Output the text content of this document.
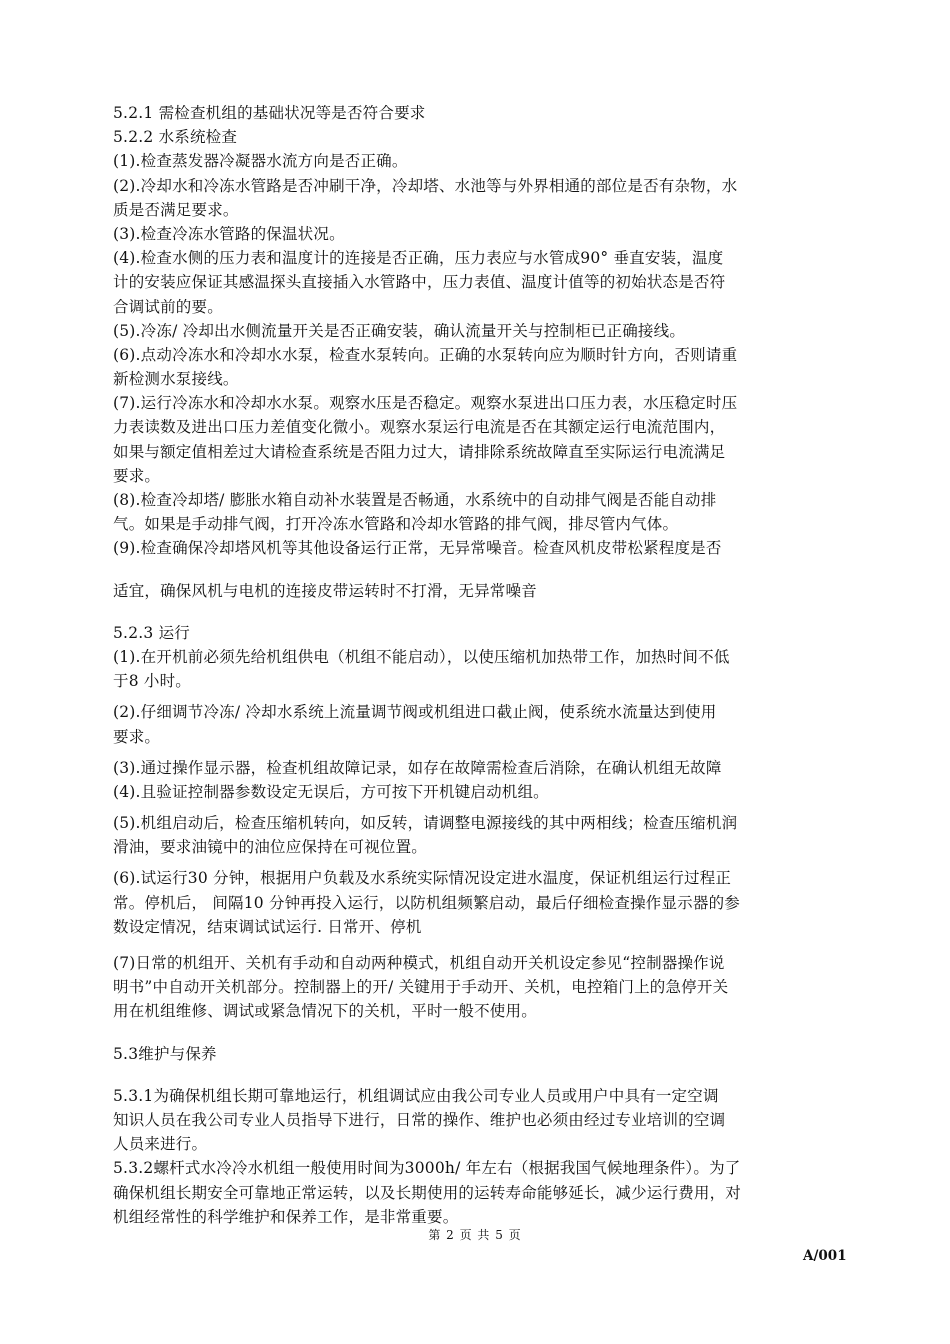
5.2.1 需检查机组的基础状况等是否符合要求
5.2.2 水系统检查
(1).检查蒸发器冷凝器水流方向是否正确。
(2).冷却水和冷冻水管路是否冲刷干净，冷却塔、水池等与外界相通的部位是否有杂物，水
质是否满足要求。
(3).检查冷冻水管路的保温状况。
(4).检查水侧的压力表和温度计的连接是否正确，压力表应与水管成90° 垂直安装，温度
计的安装应保证其感温探头直接插入水管路中，压力表值、温度计值等的初始状态是否符
合调试前的要。
(5).冷冻/ 冷却出水侧流量开关是否正确安装，确认流量开关与控制柜已正确接线。
(6).点动冷冻水和冷却水水泵，检查水泵转向。正确的水泵转向应为顺时针方向，否则请重
新检测水泵接线。
(7).运行冷冻水和冷却水水泵。观察水压是否稳定。观察水泵进出口压力表，水压稳定时压
力表读数及进出口压力差值变化微小。观察水泵运行电流是否在其额定运行电流范围内，
如果与额定值相差过大请检查系统是否阻力过大，请排除系统故障直至实际运行电流满足
要求。
(8).检查冷却塔/ 膨胀水箱自动补水装置是否畅通，水系统中的自动排气阀是否能自动排
气。如果是手动排气阀，打开冷冻水管路和冷却水管路的排气阀，排尽管内气体。
(9).检查确保冷却塔风机等其他设备运行正常，无异常噪音。检查风机皮带松紧程度是否
适宜，确保风机与电机的连接皮带运转时不打滑，无异常噪音
5.2.3 运行
(1).在开机前必须先给机组供电（机组不能启动），以使压缩机加热带工作，加热时间不低
于8 小时。
(2).仔细调节冷冻/ 冷却水系统上流量调节阀或机组进口截止阀，使系统水流量达到使用
要求。
(3).通过操作显示器，检查机组故障记录，如存在故障需检查后消除，在确认机组无故障
(4).且验证控制器参数设定无误后，方可按下开机键启动机组。
(5).机组启动后，检查压缩机转向，如反转，请调整电源接线的其中两相线；检查压缩机润
滑油，要求油镜中的油位应保持在可视位置。
(6).试运行30 分钟，根据用户负载及水系统实际情况设定进水温度，保证机组运行过程正
常。停机后， 间隔10 分钟再投入运行，以防机组频繁启动，最后仔细检查操作显示器的参
数设定情况，结束调试试运行. 日常开、停机
(7)日常的机组开、关机有手动和自动两种模式，机组自动开关机设定参见“控制器操作说
明书”中自动开关机部分。控制器上的开/ 关键用于手动开、关机，电控箱门上的急停开关
用在机组维修、调试或紧急情况下的关机，平时一般不使用。
5.3维护与保养
5.3.1为确保机组长期可靠地运行，机组调试应由我公司专业人员或用户中具有一定空调
知识人员在我公司专业人员指导下进行，日常的操作、维护也必须由经过专业培训的空调
人员来进行。
5.3.2螺杆式水冷冷水机组一般使用时间为3000h/ 年左右（根据我国气候地理条件）。为了
确保机组长期安全可靠地正常运转，以及长期使用的运转寿命能够延长，减少运行费用，对
机组经常性的科学维护和保养工作，是非常重要。
第 2 页 共 5 页
A/001
